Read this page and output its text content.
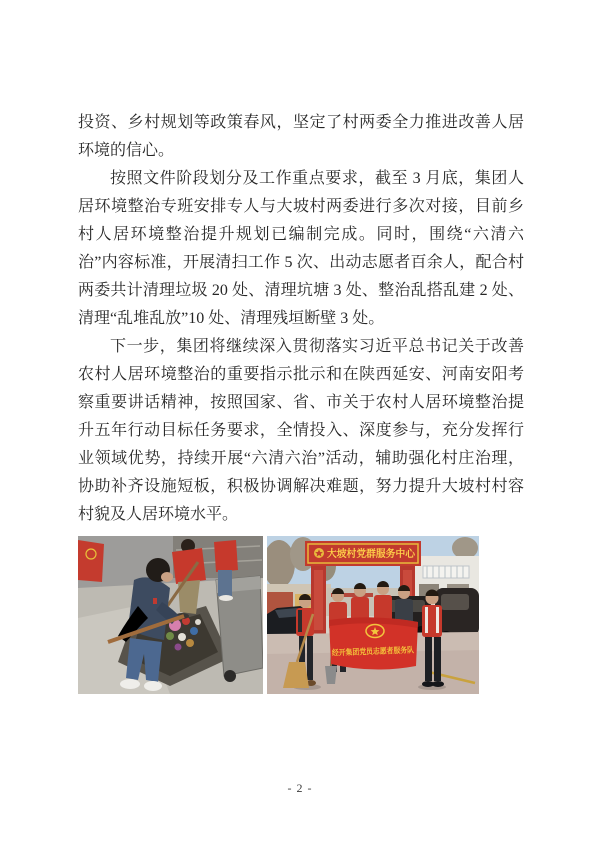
投资、乡村规划等政策春风，坚定了村两委全力推进改善人居环境的信心。

按照文件阶段划分及工作重点要求，截至 3 月底，集团人居环境整治专班安排专人与大坡村两委进行多次对接，目前乡村人居环境整治提升规划已编制完成。同时，围绕“六清六治”内容标准，开展清扫工作 5 次、出动志愿者百余人，配合村两委共计清理垃圾 20 处、清理坑塘 3 处、整治乱搭乱建 2 处、清理“乱堆乱放”10 处、清理残垣断壁 3 处。

下一步，集团将继续深入贯彻落实习近平总书记关于改善农村人居环境整治的重要指示批示和在陕西延安、河南安阳考察重要讲话精神，按照国家、省、市关于农村人居环境整治提升五年行动目标任务要求，全情投入、深度参与，充分发挥行业领域优势，持续开展“六清六治”活动，辅助强化村庄治理，协助补齐设施短板，积极协调解决难题，努力提升大坡村村容村貌及人居环境水平。

大坡村党群服务中心
经开集团党员志愿者服务队
- 2 -
